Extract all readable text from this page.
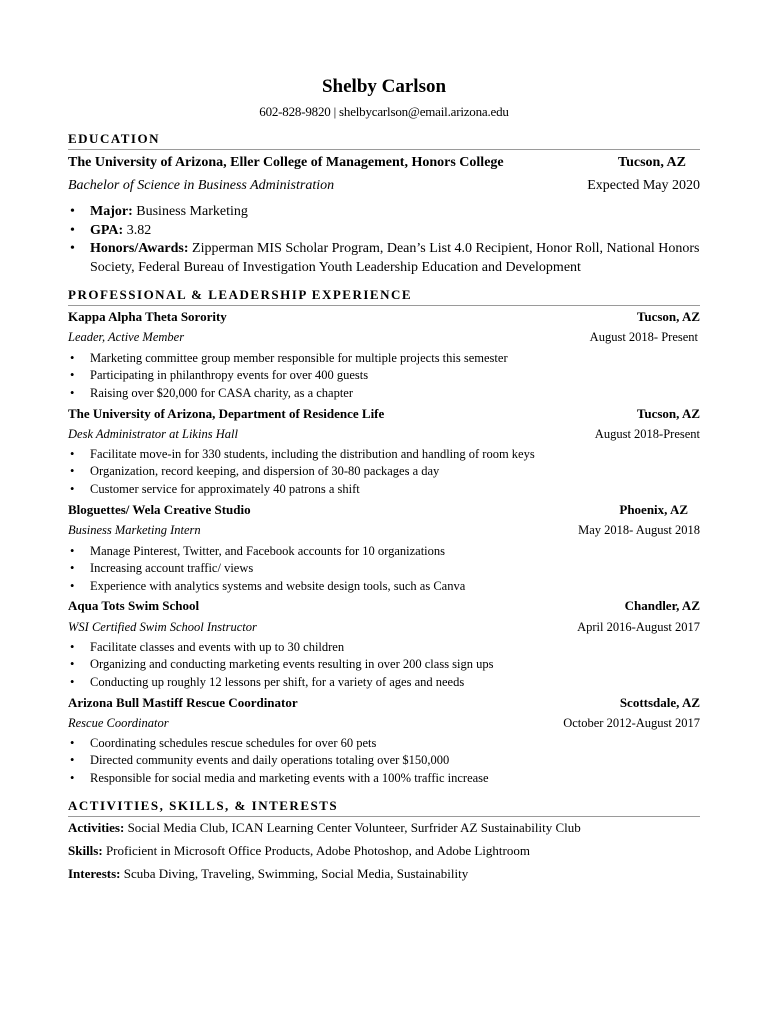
Shelby Carlson
602-828-9820 | shelbycarlson@email.arizona.edu
EDUCATION
The University of Arizona, Eller College of Management, Honors College	Tucson, AZ
Bachelor of Science in Business Administration	Expected May 2020
• Major: Business Marketing
• GPA: 3.82
• Honors/Awards: Zipperman MIS Scholar Program, Dean’s List 4.0 Recipient, Honor Roll, National Honors Society, Federal Bureau of Investigation Youth Leadership Education and Development
PROFESSIONAL & LEADERSHIP EXPERIENCE
Kappa Alpha Theta Sorority	Tucson, AZ
Leader, Active Member	August 2018- Present
• Marketing committee group member responsible for multiple projects this semester
• Participating in philanthropy events for over 400 guests
• Raising over $20,000 for CASA charity, as a chapter
The University of Arizona, Department of Residence Life	Tucson, AZ
Desk Administrator at Likins Hall	August 2018-Present
• Facilitate move-in for 330 students, including the distribution and handling of room keys
• Organization, record keeping, and dispersion of 30-80 packages a day
• Customer service for approximately 40 patrons a shift
Bloguettes/ Wela Creative Studio	Phoenix, AZ
Business Marketing Intern	May 2018- August 2018
• Manage Pinterest, Twitter, and Facebook accounts for 10 organizations
• Increasing account traffic/ views
• Experience with analytics systems and website design tools, such as Canva
Aqua Tots Swim School	Chandler, AZ
WSI Certified Swim School Instructor	April 2016-August 2017
• Facilitate classes and events with up to 30 children
• Organizing and conducting marketing events resulting in over 200 class sign ups
• Conducting up roughly 12 lessons per shift, for a variety of ages and needs
Arizona Bull Mastiff Rescue Coordinator	Scottsdale, AZ
Rescue Coordinator	October 2012-August 2017
• Coordinating schedules rescue schedules for over 60 pets
• Directed community events and daily operations totaling over $150,000
• Responsible for social media and marketing events with a 100% traffic increase
ACTIVITIES, SKILLS, & INTERESTS
Activities: Social Media Club, ICAN Learning Center Volunteer, Surfrider AZ Sustainability Club
Skills: Proficient in Microsoft Office Products, Adobe Photoshop, and Adobe Lightroom
Interests: Scuba Diving, Traveling, Swimming, Social Media, Sustainability
